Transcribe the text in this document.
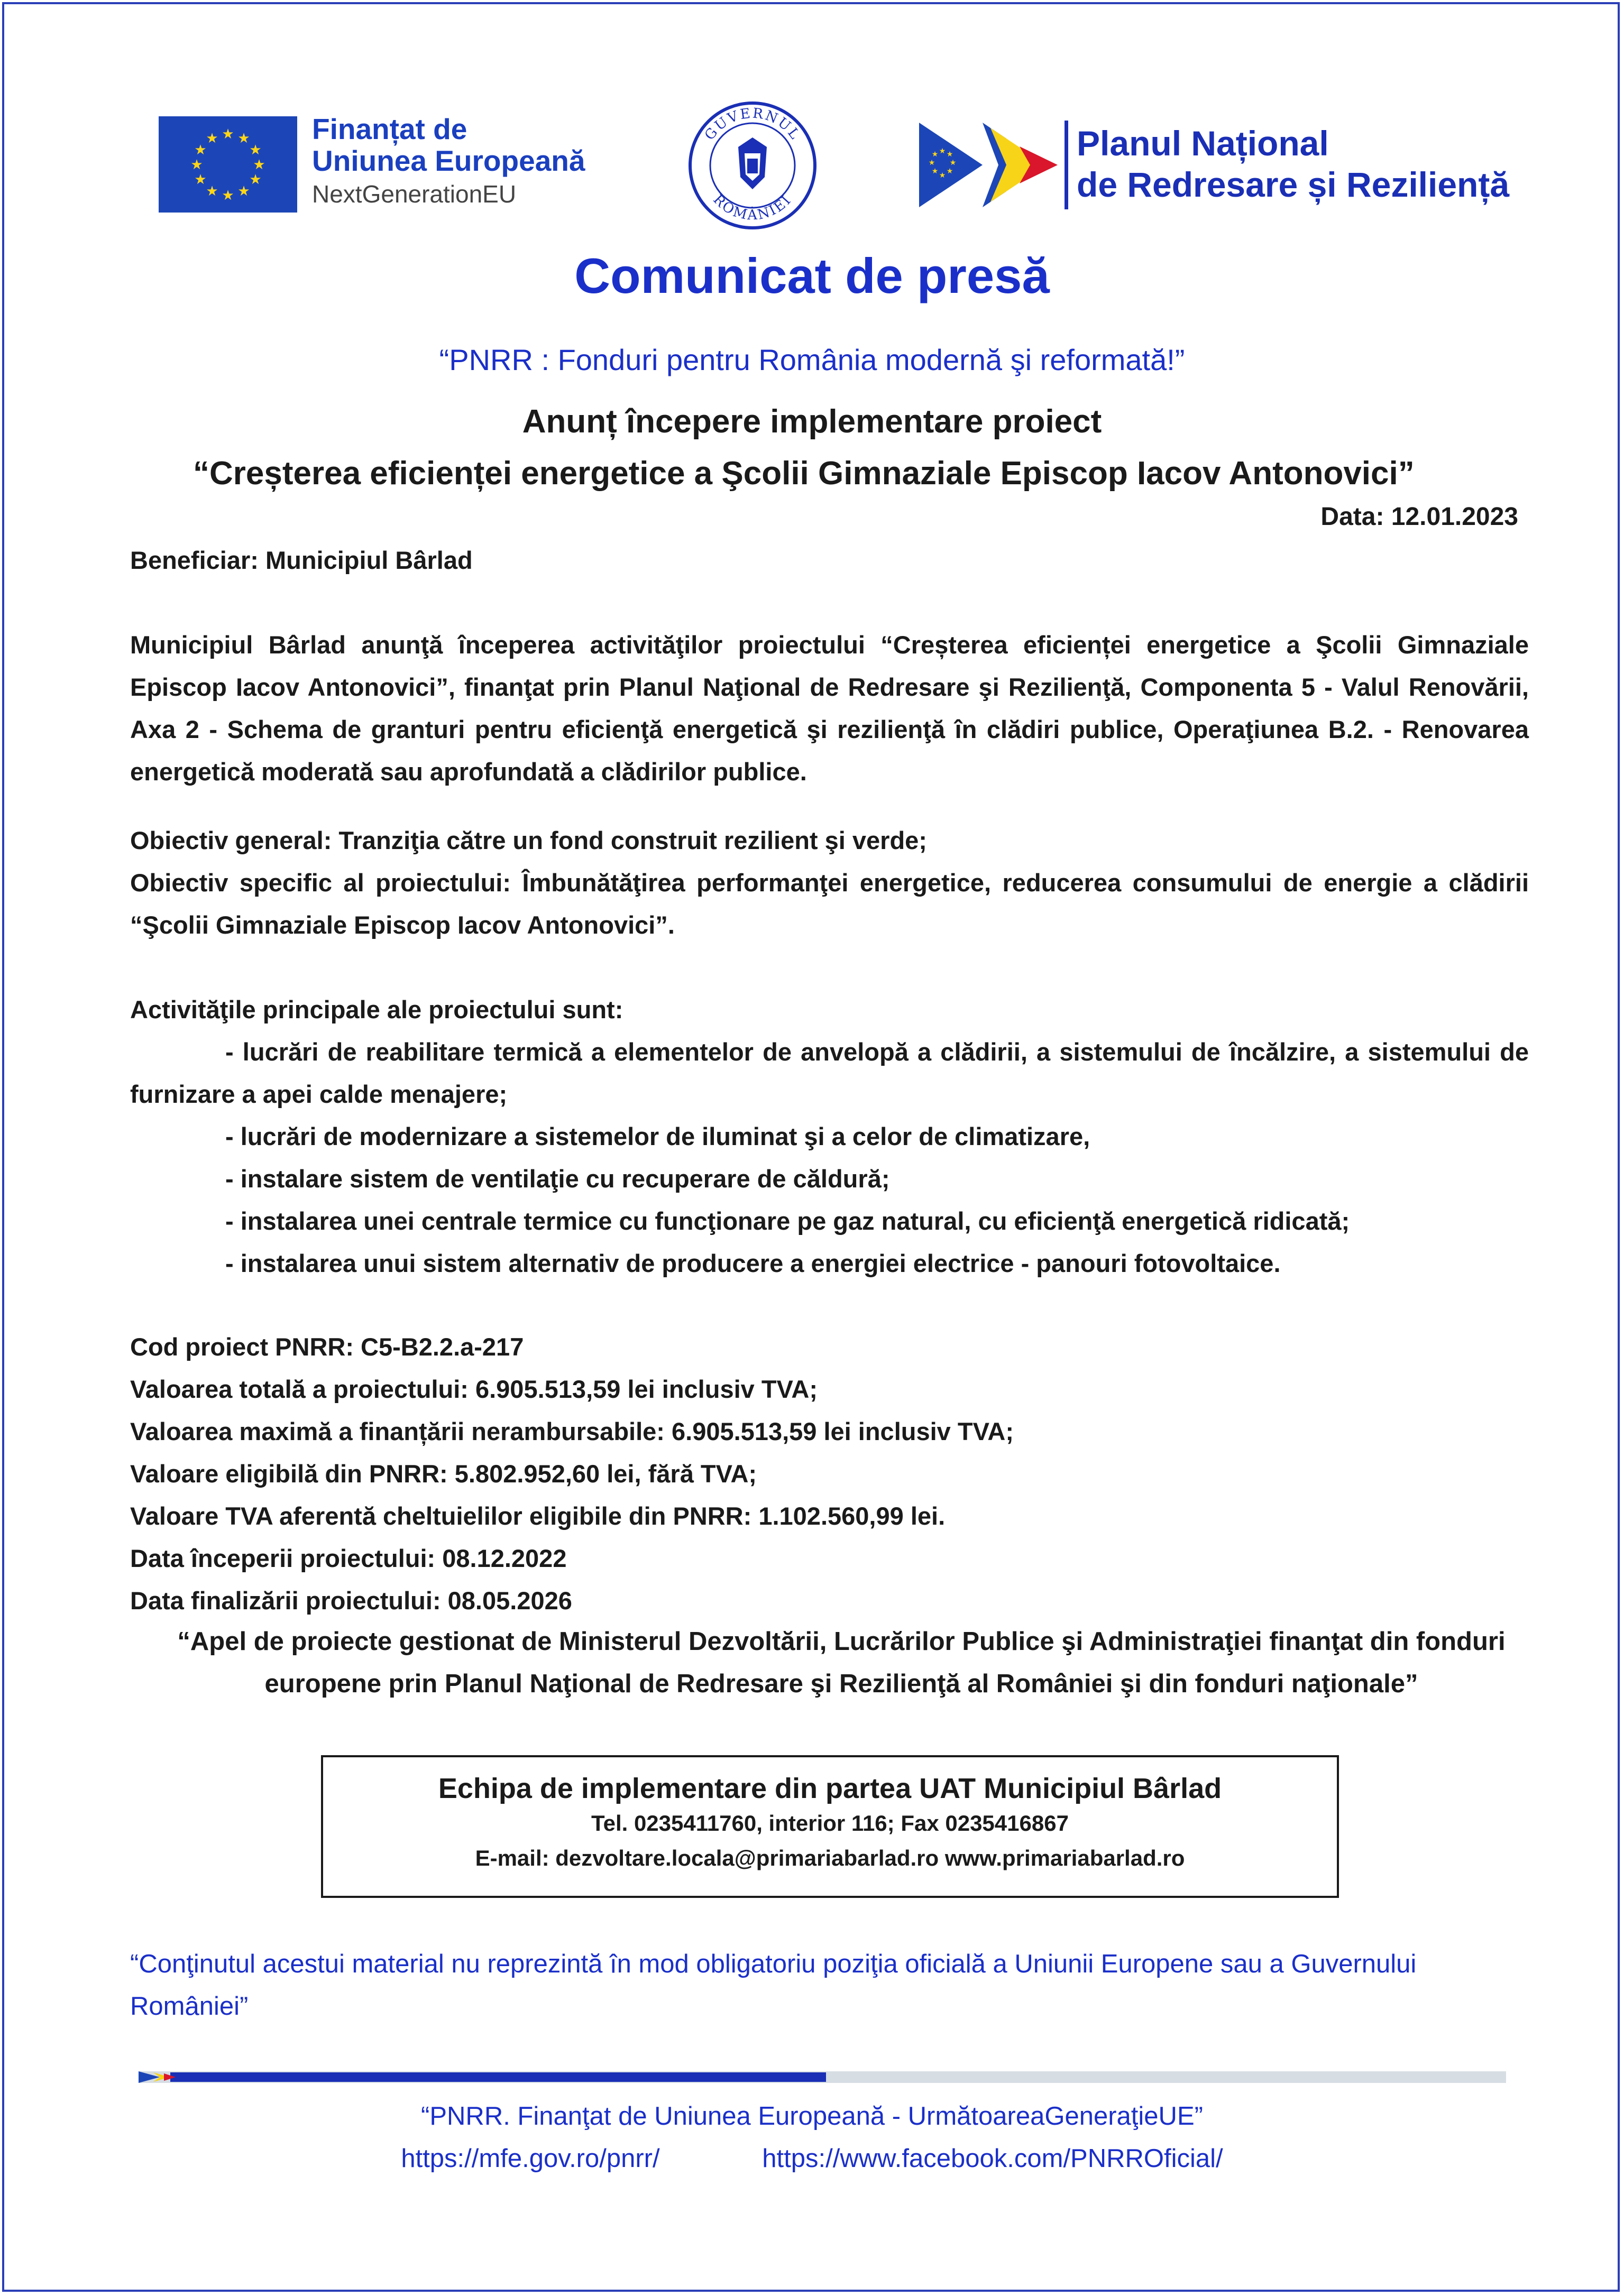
★ ★
★
★
★
★
★
★
★
★
★
★	Finanțat de
Uniunea Europeană
NextGenerationEU
GUVERNUL
ROMÂNIEI
★ ★
★
★
★
★
★
★	Planul Național
de Redresare și Reziliență
Comunicat de presă
“PNRR : Fonduri pentru România modernă şi reformată!”
Anunț începere implementare proiect
“Creșterea eficienței energetice a Şcolii Gimnaziale Episcop Iacov Antonovici”
Data: 12.01.2023
Beneficiar: Municipiul Bârlad
Municipiul Bârlad anunţă începerea activităţilor proiectului “Creșterea eficienței energetice a Şcolii Gimnaziale Episcop Iacov Antonovici”, finanţat prin Planul Naţional de Redresare şi Rezilienţă, Componenta 5 - Valul Renovării, Axa 2 - Schema de granturi pentru eficienţă energetică şi rezilienţă în clădiri publice, Operaţiunea B.2. - Renovarea energetică moderată sau aprofundată a clădirilor publice.
Obiectiv general: Tranziţia către un fond construit rezilient şi verde;
Obiectiv specific al proiectului: Îmbunătăţirea performanţei energetice, reducerea consumului de energie a clădirii “Şcolii Gimnaziale Episcop Iacov Antonovici”.
Activităţile principale ale proiectului sunt:
- lucrări de reabilitare termică a elementelor de anvelopă a clădirii, a sistemului de încălzire, a sistemului de furnizare a apei calde menajere;
- lucrări de modernizare a sistemelor de iluminat şi a celor de climatizare,
- instalare sistem de ventilaţie cu recuperare de căldură;
- instalarea unei centrale termice cu funcţionare pe gaz natural, cu eficienţă energetică ridicată;
- instalarea unui sistem alternativ de producere a energiei electrice - panouri fotovoltaice.
Cod proiect PNRR: C5-B2.2.a-217
Valoarea totală a proiectului: 6.905.513,59 lei inclusiv TVA;
Valoarea maximă a finanțării nerambursabile: 6.905.513,59 lei inclusiv TVA;
Valoare eligibilă din PNRR: 5.802.952,60 lei, fără TVA;
Valoare TVA aferentă cheltuielilor eligibile din PNRR: 1.102.560,99 lei.
Data începerii proiectului: 08.12.2022
Data finalizării proiectului: 08.05.2026
“Apel de proiecte gestionat de Ministerul Dezvoltării, Lucrărilor Publice şi Administraţiei finanţat din fonduri europene prin Planul Naţional de Redresare şi Rezilienţă al României şi din fonduri naţionale”
Echipa de implementare din partea UAT Municipiul Bârlad
Tel. 0235411760, interior 116; Fax 0235416867
E-mail: dezvoltare.locala@primariabarlad.ro www.primariabarlad.ro
“Conţinutul acestui material nu reprezintă în mod obligatoriu poziţia oficială a Uniunii Europene sau a Guvernului României”
“PNRR. Finanţat de Uniunea Europeană - UrmătoareaGeneraţieUE”
https://mfe.gov.ro/pnrr/	https://www.facebook.com/PNRROficial/
